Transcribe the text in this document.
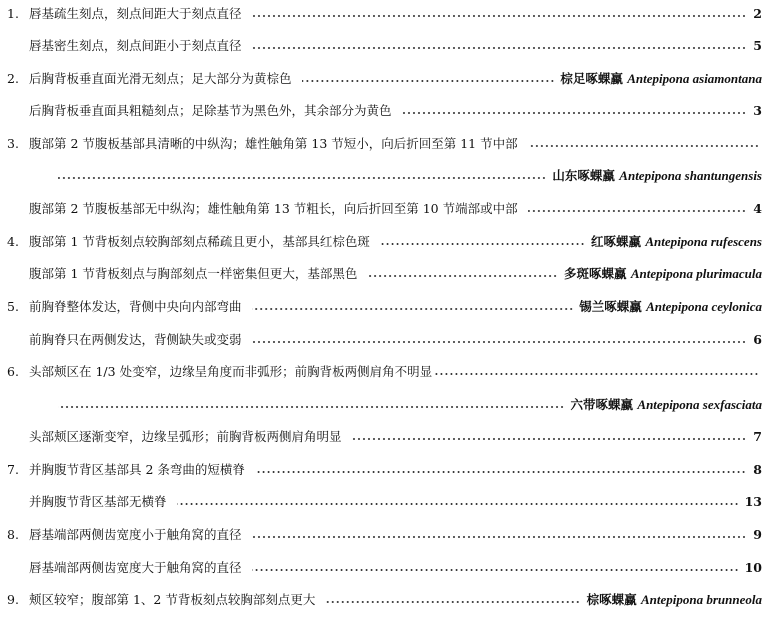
1. 唇基疏生刻点，刻点间距大于刻点直径	2
唇基密生刻点，刻点间距小于刻点直径	5
2. 后胸背板垂直面光滑无刻点；足大部分为黄棕色	棕足啄蜾蠃 Antepipona asiamontana
后胸背板垂直面具粗糙刻点；足除基节为黑色外，其余部分为黄色	3
3. 腹部第 2 节腹板基部具清晰的中纵沟；雄性触角第 13 节短小，向后折回至第 11 节中部
山东啄蜾蠃 Antepipona shantungensis
腹部第 2 节腹板基部无中纵沟；雄性触角第 13 节粗长，向后折回至第 10 节端部或中部	4
4. 腹部第 1 节背板刻点较胸部刻点稀疏且更小，基部具红棕色斑	红啄蜾蠃 Antepipona rufescens
腹部第 1 节背板刻点与胸部刻点一样密集但更大，基部黑色	多斑啄蜾蠃 Antepipona plurimacula
5. 前胸脊整体发达，背侧中央向内部弯曲	锡兰啄蜾蠃 Antepipona ceylonica
前胸脊只在两侧发达，背侧缺失或变弱	6
6. 头部颊区在 1/3 处变窄，边缘呈角度而非弧形；前胸背板两侧肩角不明显
六带啄蜾蠃 Antepipona sexfasciata
头部颊区逐渐变窄，边缘呈弧形；前胸背板两侧肩角明显	7
7. 并胸腹节背区基部具 2 条弯曲的短横脊	8
并胸腹节背区基部无横脊	13
8. 唇基端部两侧齿宽度小于触角窝的直径	9
唇基端部两侧齿宽度大于触角窝的直径	10
9. 颊区较窄；腹部第 1、2 节背板刻点较胸部刻点更大	棕啄蜾蠃 Antepipona brunneola
